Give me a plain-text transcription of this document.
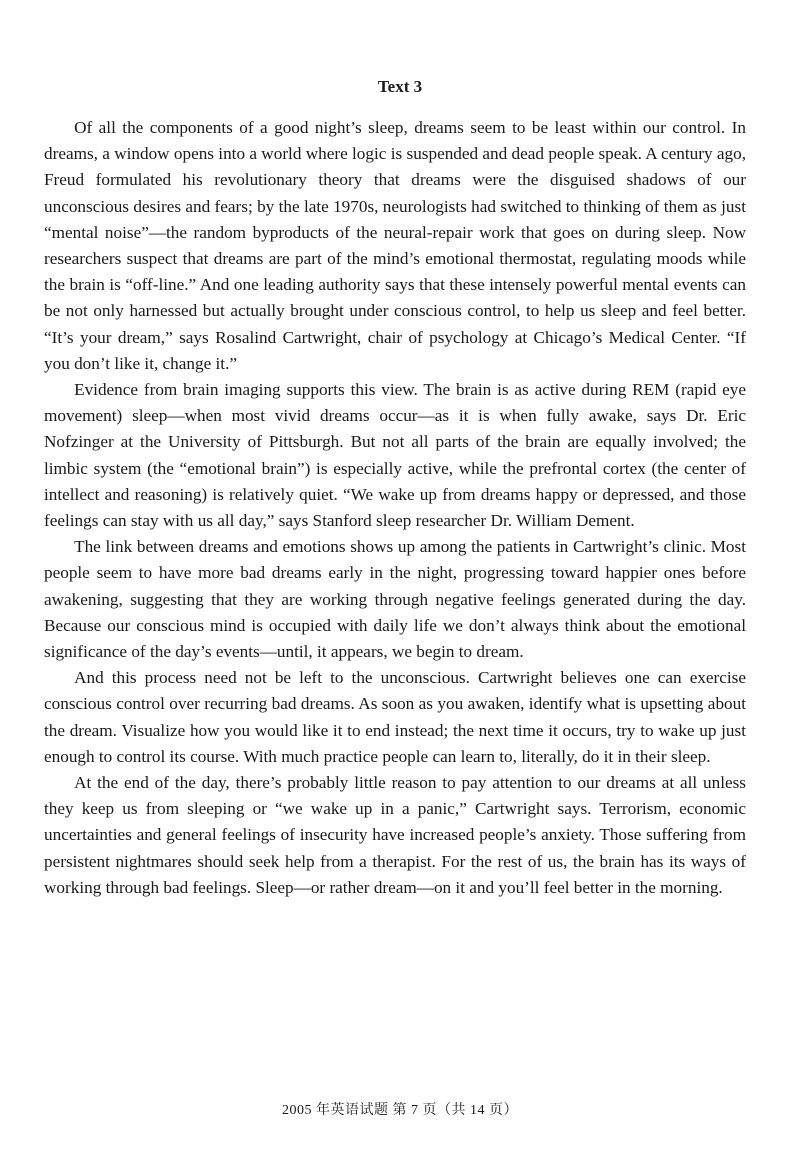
Text 3

Of all the components of a good night’s sleep, dreams seem to be least within our control. In dreams, a window opens into a world where logic is suspended and dead people speak. A century ago, Freud formulated his revolutionary theory that dreams were the disguised shadows of our unconscious desires and fears; by the late 1970s, neurologists had switched to thinking of them as just “mental noise”—the random byproducts of the neural-repair work that goes on during sleep. Now researchers suspect that dreams are part of the mind’s emotional thermostat, regulating moods while the brain is “off-line.” And one leading authority says that these intensely powerful mental events can be not only harnessed but actually brought under conscious control, to help us sleep and feel better. “It’s your dream,” says Rosalind Cartwright, chair of psychology at Chicago’s Medical Center. “If you don’t like it, change it.”

Evidence from brain imaging supports this view. The brain is as active during REM (rapid eye movement) sleep—when most vivid dreams occur—as it is when fully awake, says Dr. Eric Nofzinger at the University of Pittsburgh. But not all parts of the brain are equally involved; the limbic system (the “emotional brain”) is especially active, while the prefrontal cortex (the center of intellect and reasoning) is relatively quiet. “We wake up from dreams happy or depressed, and those feelings can stay with us all day,” says Stanford sleep researcher Dr. William Dement.

The link between dreams and emotions shows up among the patients in Cartwright’s clinic. Most people seem to have more bad dreams early in the night, progressing toward happier ones before awakening, suggesting that they are working through negative feelings generated during the day. Because our conscious mind is occupied with daily life we don’t always think about the emotional significance of the day’s events—until, it appears, we begin to dream.

And this process need not be left to the unconscious. Cartwright believes one can exercise conscious control over recurring bad dreams. As soon as you awaken, identify what is upsetting about the dream. Visualize how you would like it to end instead; the next time it occurs, try to wake up just enough to control its course. With much practice people can learn to, literally, do it in their sleep.

At the end of the day, there’s probably little reason to pay attention to our dreams at all unless they keep us from sleeping or “we wake up in a panic,” Cartwright says. Terrorism, economic uncertainties and general feelings of insecurity have increased people’s anxiety. Those suffering from persistent nightmares should seek help from a therapist. For the rest of us, the brain has its ways of working through bad feelings. Sleep—or rather dream—on it and you’ll feel better in the morning.

2005 年英语试题 第 7 页（共 14 页）
